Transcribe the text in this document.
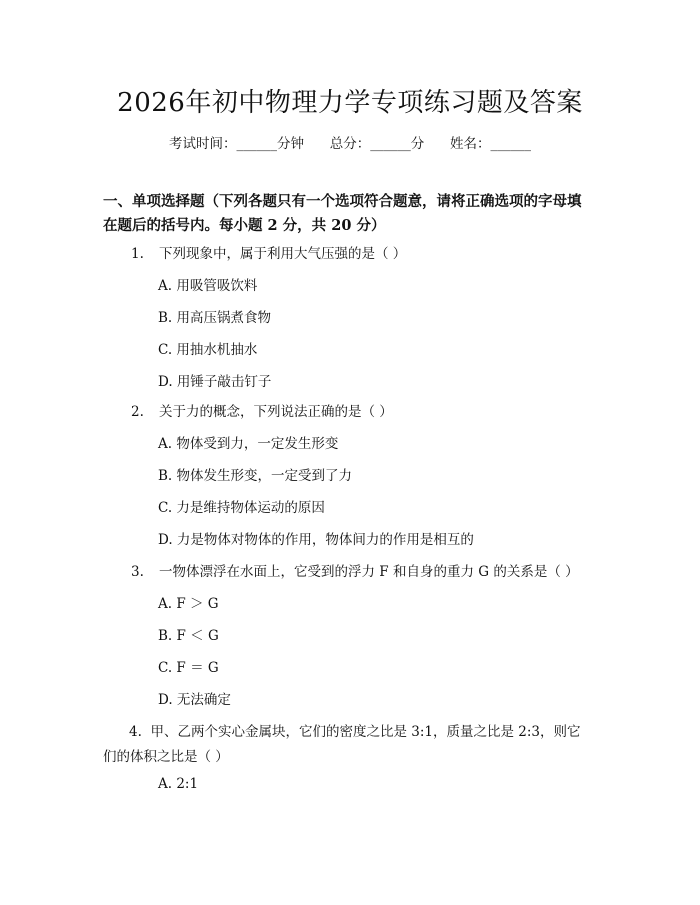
2026年初中物理力学专项练习题及答案
考试时间：______分钟      总分：______分      姓名：______
一、单项选择题（下列各题只有一个选项符合题意，请将正确选项的字母填在题后的括号内。每小题 2 分，共 20 分）
1. 下列现象中，属于利用大气压强的是（ ）
A. 用吸管吸饮料
B. 用高压锅煮食物
C. 用抽水机抽水
D. 用锤子敲击钉子
2. 关于力的概念，下列说法正确的是（ ）
A. 物体受到力，一定发生形变
B. 物体发生形变，一定受到了力
C. 力是维持物体运动的原因
D. 力是物体对物体的作用，物体间力的作用是相互的
3. 一物体漂浮在水面上，它受到的浮力 F 和自身的重力 G 的关系是（ ）
A. F ＞ G
B. F ＜ G
C. F ＝ G
D. 无法确定
4. 甲、乙两个实心金属块，它们的密度之比是 3:1，质量之比是 2:3，则它们的体积之比是（ ）
A. 2:1
